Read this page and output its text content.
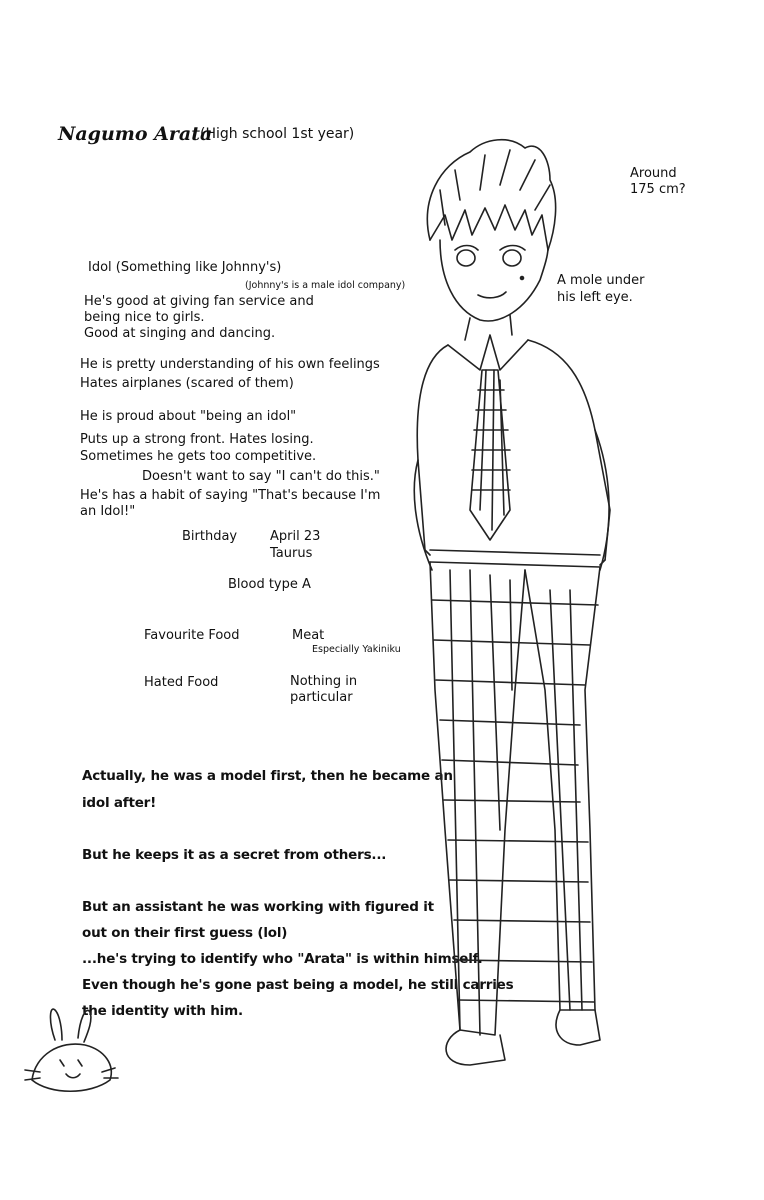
Nagumo Arata
(High school 1st year)
Around
175 cm?
A mole under
his left eye.
Idol (Something like Johnny's)
(Johnny's is a male idol company)
He's good at giving fan service and
being nice to girls.
Good at singing and dancing.
He is pretty understanding of his own feelings
Hates airplanes (scared of them)
He is proud about "being an idol"
Puts up a strong front. Hates losing.
Sometimes he gets too competitive.
Doesn't want to say "I can't do this."
He's has a habit of saying "That's because I'm
an Idol!"
Birthday	April 23
Taurus
Blood type A
Favourite Food	Meat
Especially Yakiniku
Hated Food	Nothing in
particular
Actually, he was a model first, then he became an
idol after!
But he keeps it as a secret from others...
But an assistant he was working with figured it
out on their first guess (lol)
...he's trying to identify who "Arata" is within himself.
Even though he's gone past being a model, he still carries
the identity with him.
